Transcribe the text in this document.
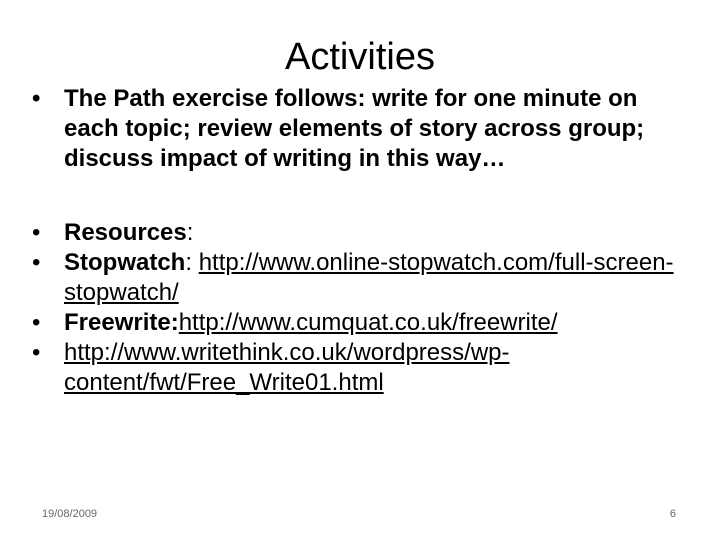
Activities
• The Path exercise follows: write for one minute on each topic; review elements of story across group; discuss impact of writing in this way…
• Resources:
• Stopwatch: http://www.online-stopwatch.com/full-screen-stopwatch/
• Freewrite:http://www.cumquat.co.uk/freewrite/
• http://www.writethink.co.uk/wordpress/wp-content/fwt/Free_Write01.html
19/08/2009	6
